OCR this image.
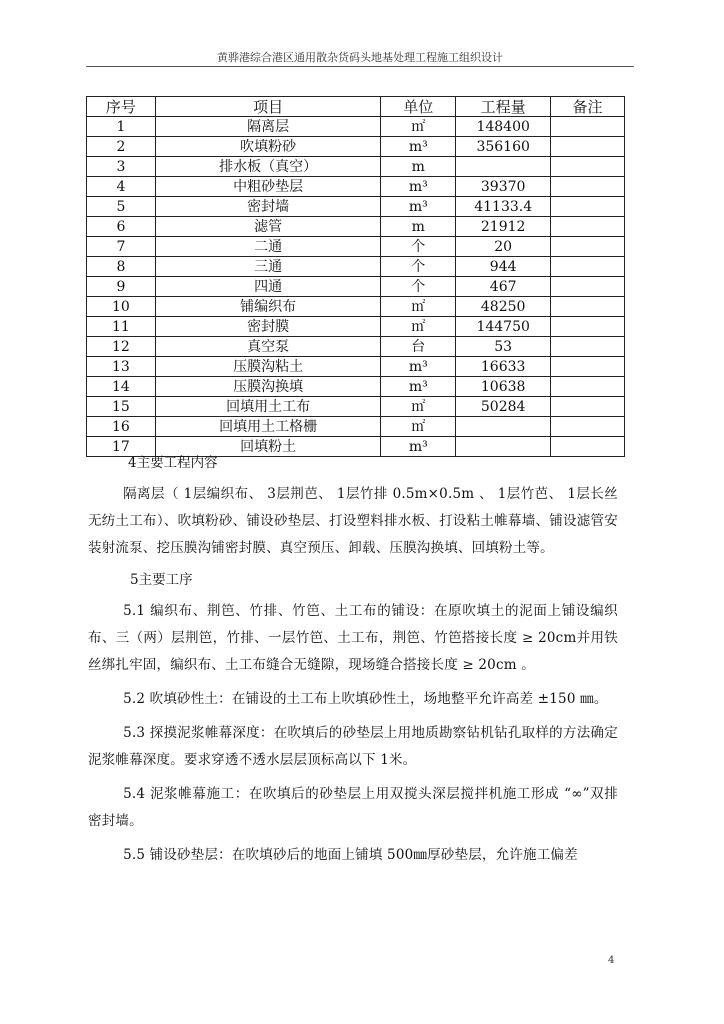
黄骅港综合港区通用散杂货码头地基处理工程施工组织设计
序号	项目	单位	工程量	备注
1	隔离层	㎡	148400	
2	吹填粉砂	m³	356160	
3	排水板（真空）	m		
4	中粗砂垫层	m³	39370	
5	密封墙	m³	41133.4	
6	滤管	m	21912	
7	二通	个	20	
8	三通	个	944	
9	四通	个	467	
10	铺编织布	㎡	48250	
11	密封膜	㎡	144750	
12	真空泵	台	53	
13	压膜沟粘土	m³	16633	
14	压膜沟换填	m³	10638	
15	回填用土工布	㎡	50284	
16	回填用土工格栅	㎡		
17	回填粉土	m³		

4主要工程内容

隔离层（ 1层编织布、 3层荆芭、 1层竹排 0.5m×0.5m 、 1层竹芭、 1层长丝无纺土工布）、吹填粉砂、铺设砂垫层、打设塑料排水板、打设粘土帷幕墙、铺设滤管安装射流泵、挖压膜沟铺密封膜、真空预压、卸载、压膜沟换填、回填粉土等。

5主要工序

5.1 编织布、荆笆、竹排、竹笆、土工布的铺设：在原吹填土的泥面上铺设编织布、三（两）层荆笆，竹排、一层竹笆、土工布，荆笆、竹笆搭接长度 ≥ 20cm并用铁丝绑扎牢固，编织布、土工布缝合无缝隙，现场缝合搭接长度 ≥ 20cm 。

5.2 吹填砂性土：在铺设的土工布上吹填砂性土，场地整平允许高差 ±150 ㎜。

5.3 探摸泥浆帷幕深度：在吹填后的砂垫层上用地质勘察钻机钻孔取样的方法确定泥浆帷幕深度。要求穿透不透水层层顶标高以下 1米。

5.4 泥浆帷幕施工：在吹填后的砂垫层上用双搅头深层搅拌机施工形成 “∞”双排密封墙。

5.5 铺设砂垫层：在吹填砂后的地面上铺填 500㎜厚砂垫层，允许施工偏差

4
